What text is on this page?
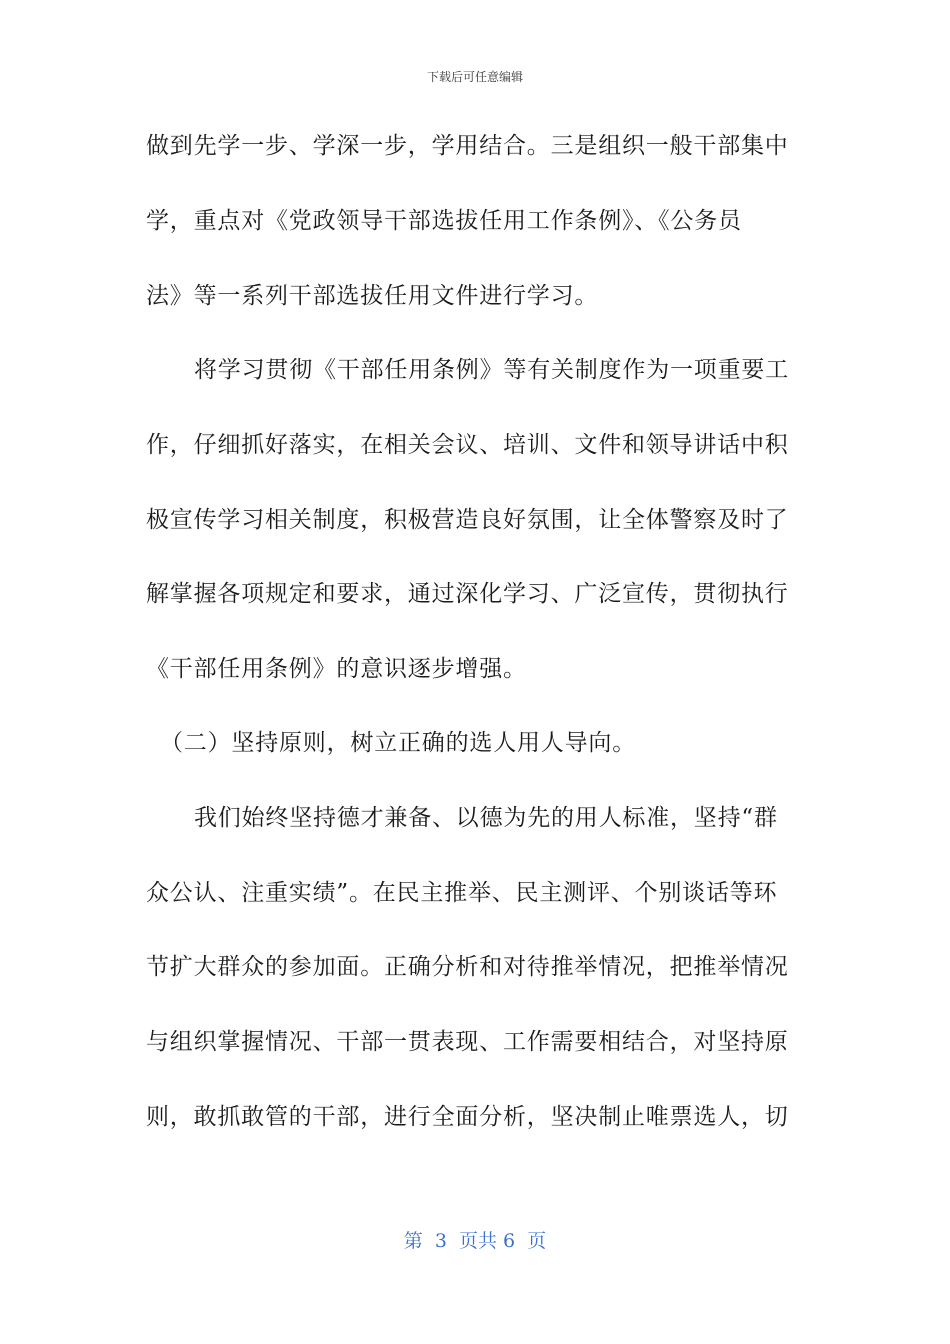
下载后可任意编辑
做到先学一步、学深一步，学用结合。三是组织一般干部集中
学，重点对《党政领导干部选拔任用工作条例》、《公务员
法》等一系列干部选拔任用文件进行学习。
将学习贯彻《干部任用条例》等有关制度作为一项重要工
作，仔细抓好落实，在相关会议、培训、文件和领导讲话中积
极宣传学习相关制度，积极营造良好氛围，让全体警察及时了
解掌握各项规定和要求，通过深化学习、广泛宣传，贯彻执行
《干部任用条例》的意识逐步增强。
（二）坚持原则，树立正确的选人用人导向。
我们始终坚持德才兼备、以德为先的用人标准，坚持“群
众公认、注重实绩”。在民主推举、民主测评、个别谈话等环
节扩大群众的参加面。正确分析和对待推举情况，把推举情况
与组织掌握情况、干部一贯表现、工作需要相结合，对坚持原
则，敢抓敢管的干部，进行全面分析，坚决制止唯票选人，切
第  3  页共 6  页
